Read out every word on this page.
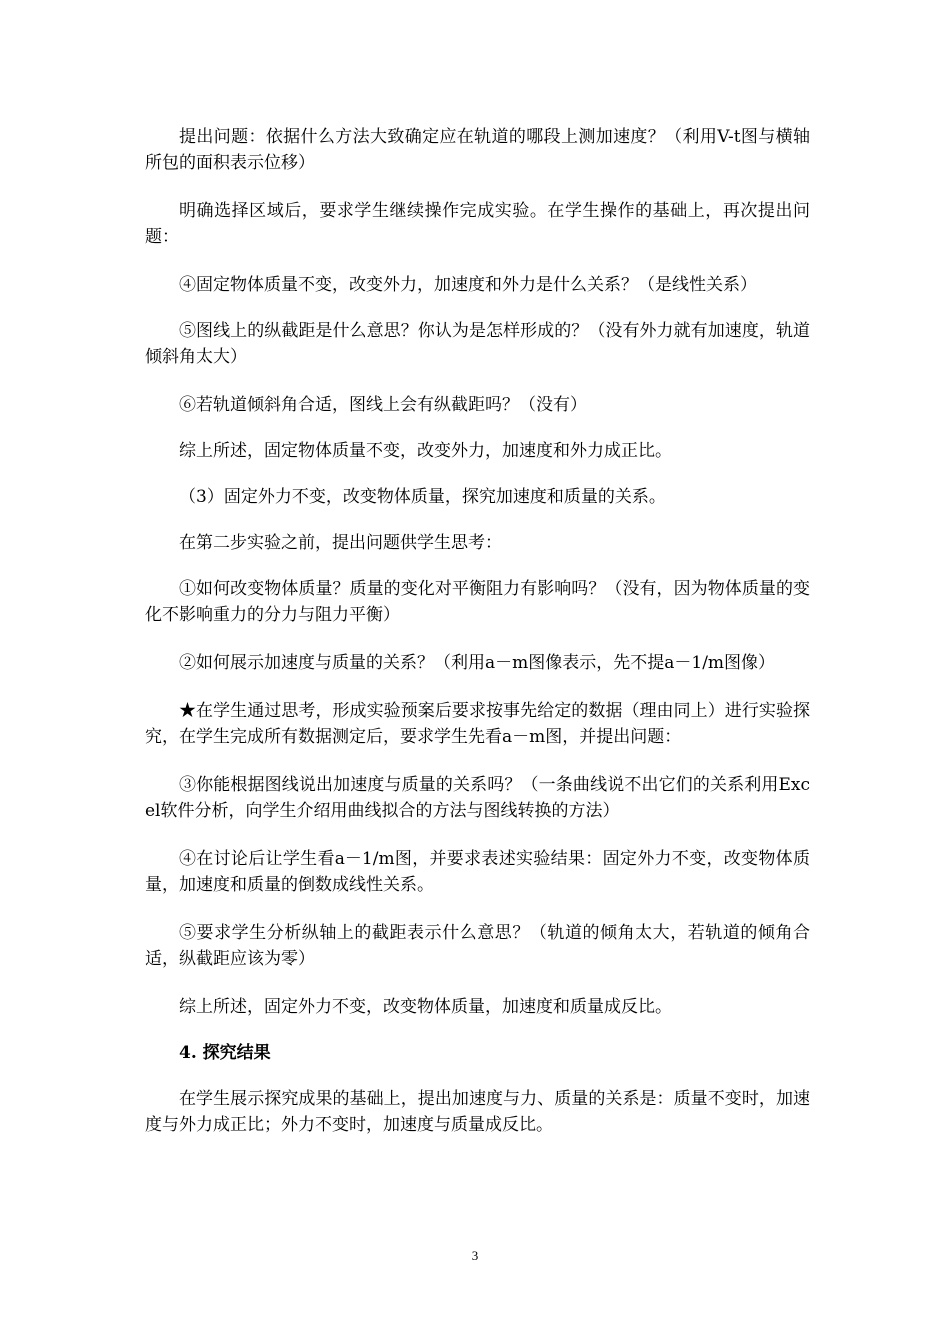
提出问题：依据什么方法大致确定应在轨道的哪段上测加速度？（利用V-t图与横轴所包的面积表示位移）

明确选择区域后，要求学生继续操作完成实验。在学生操作的基础上，再次提出问题：

④固定物体质量不变，改变外力，加速度和外力是什么关系？（是线性关系）

⑤图线上的纵截距是什么意思？你认为是怎样形成的？（没有外力就有加速度，轨道倾斜角太大）

⑥若轨道倾斜角合适，图线上会有纵截距吗？（没有）

综上所述，固定物体质量不变，改变外力，加速度和外力成正比。

（3）固定外力不变，改变物体质量，探究加速度和质量的关系。

在第二步实验之前，提出问题供学生思考：

①如何改变物体质量？质量的变化对平衡阻力有影响吗？（没有，因为物体质量的变化不影响重力的分力与阻力平衡）

②如何展示加速度与质量的关系？（利用a－m图像表示，先不提a－1/m图像）

★在学生通过思考，形成实验预案后要求按事先给定的数据（理由同上）进行实验探究，在学生完成所有数据测定后，要求学生先看a－m图，并提出问题：

③你能根据图线说出加速度与质量的关系吗？（一条曲线说不出它们的关系利用Excel软件分析，向学生介绍用曲线拟合的方法与图线转换的方法）

④在讨论后让学生看a－1/m图，并要求表述实验结果：固定外力不变，改变物体质量，加速度和质量的倒数成线性关系。

⑤要求学生分析纵轴上的截距表示什么意思？（轨道的倾角太大，若轨道的倾角合适，纵截距应该为零）

综上所述，固定外力不变，改变物体质量，加速度和质量成反比。

4. 探究结果

在学生展示探究成果的基础上，提出加速度与力、质量的关系是：质量不变时，加速度与外力成正比；外力不变时，加速度与质量成反比。

3
